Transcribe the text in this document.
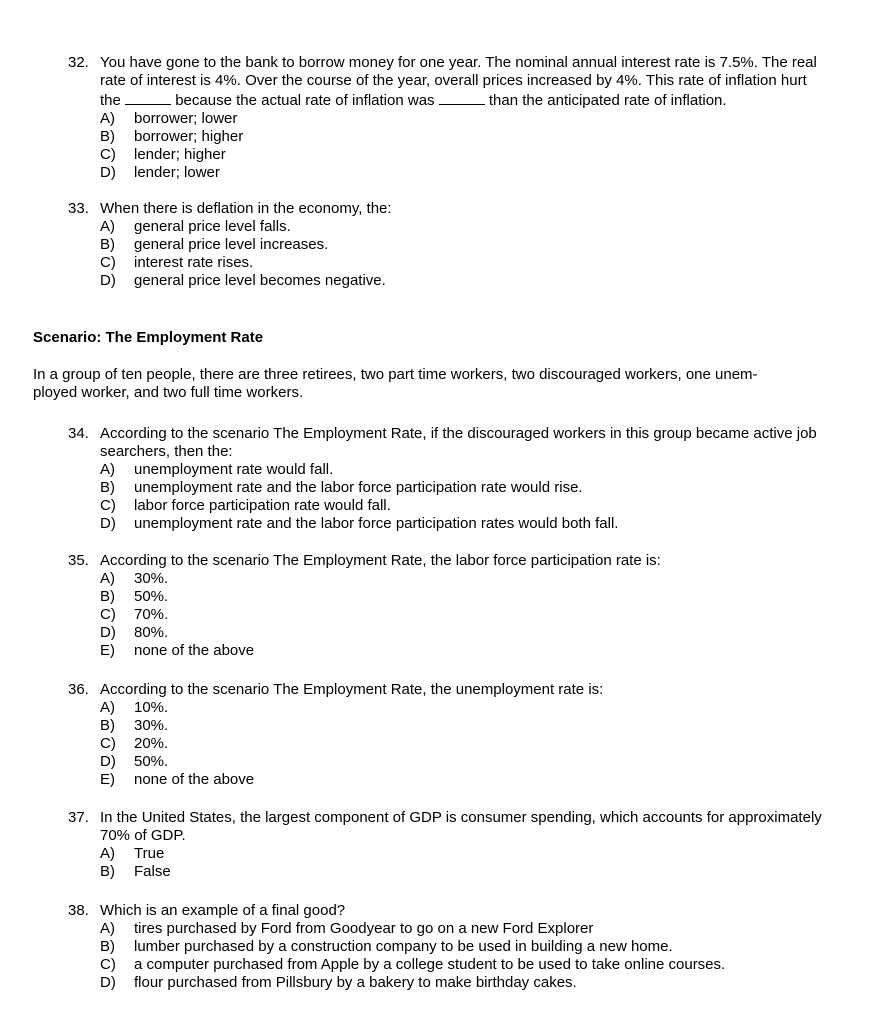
32. You have gone to the bank to borrow money for one year. The nominal annual interest rate is 7.5%. The real
rate of interest is 4%. Over the course of the year, overall prices increased by 4%. This rate of inflation hurt
the	because the actual rate of inflation was	than the anticipated rate of inflation.
A)	borrower; lower
B)	borrower; higher
C)	lender; higher
D)	lender; lower
33. When there is deflation in the economy, the:
A)	general price level falls.
B)	general price level increases.
C)	interest rate rises.
D)	general price level becomes negative.
Scenario: The Employment Rate
In a group of ten people, there are three retirees, two part time workers, two discouraged workers, one unem-
ployed worker, and two full time workers.
34. According to the scenario The Employment Rate, if the discouraged workers in this group became active job
searchers, then the:
A)	unemployment rate would fall.
B)	unemployment rate and the labor force participation rate would rise.
C)	labor force participation rate would fall.
D)	unemployment rate and the labor force participation rates would both fall.
35. According to the scenario The Employment Rate, the labor force participation rate is:
A)	30%.
B)	50%.
C)	70%.
D)	80%.
E)	none of the above
36. According to the scenario The Employment Rate, the unemployment rate is:
A)	10%.
B)	30%.
C)	20%.
D)	50%.
E)	none of the above
37. In the United States, the largest component of GDP is consumer spending, which accounts for approximately
70% of GDP.
A)	True
B)	False
38. Which is an example of a final good?
A)	tires purchased by Ford from Goodyear to go on a new Ford Explorer
B)	lumber purchased by a construction company to be used in building a new home.
C)	a computer purchased from Apple by a college student to be used to take online courses.
D)	flour purchased from Pillsbury by a bakery to make birthday cakes.
